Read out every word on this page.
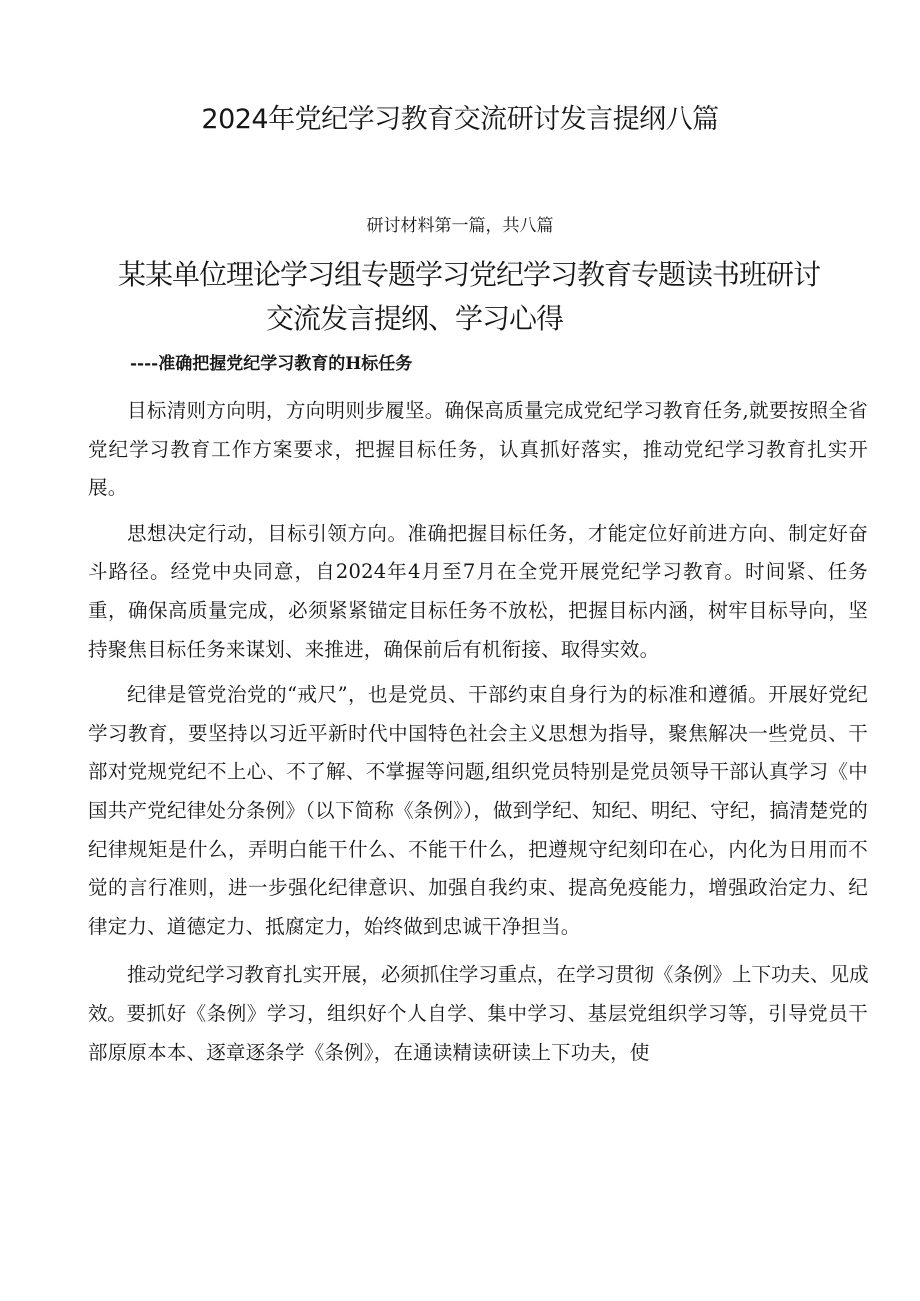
2024年党纪学习教育交流研讨发言提纲八篇

研讨材料第一篇，共八篇

某某单位理论学习组专题学习党纪学习教育专题读书班研讨
交流发言提纲、学习心得

----准确把握党纪学习教育的H标任务

目标清则方向明，方向明则步履坚。确保高质量完成党纪学习教育任务,就要按照全省党纪学习教育工作方案要求，把握目标任务，认真抓好落实，推动党纪学习教育扎实开展。

思想决定行动，目标引领方向。准确把握目标任务，才能定位好前进方向、制定好奋斗路径。经党中央同意，自2024年4月至7月在全党开展党纪学习教育。时间紧、任务重，确保高质量完成，必须紧紧锚定目标任务不放松，把握目标内涵，树牢目标导向，坚持聚焦目标任务来谋划、来推进，确保前后有机衔接、取得实效。

纪律是管党治党的“戒尺”，也是党员、干部约束自身行为的标准和遵循。开展好党纪学习教育，要坚持以习近平新时代中国特色社会主义思想为指导，聚焦解决一些党员、干部对党规党纪不上心、不了解、不掌握等问题,组织党员特别是党员领导干部认真学习《中国共产党纪律处分条例》（以下简称《条例》），做到学纪、知纪、明纪、守纪，搞清楚党的纪律规矩是什么，弄明白能干什么、不能干什么，把遵规守纪刻印在心，内化为日用而不觉的言行准则，进一步强化纪律意识、加强自我约束、提高免疫能力，增强政治定力、纪律定力、道德定力、抵腐定力，始终做到忠诚干净担当。

推动党纪学习教育扎实开展，必须抓住学习重点，在学习贯彻《条例》上下功夫、见成效。要抓好《条例》学习，组织好个人自学、集中学习、基层党组织学习等，引导党员干部原原本本、逐章逐条学《条例》，在通读精读研读上下功夫，使
